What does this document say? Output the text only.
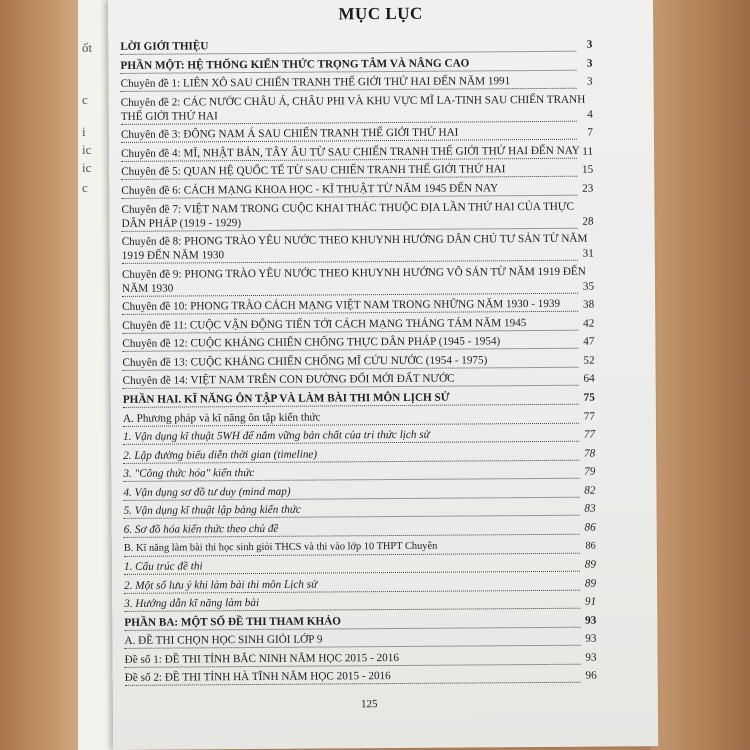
ốt
c
i
ic
ic
c
MỤC LỤC
LỜI GIỚI THIỆU	3
PHẦN MỘT: HỆ THỐNG KIẾN THỨC TRỌNG TÂM VÀ NÂNG CAO	3
Chuyên đề 1: LIÊN XÔ SAU CHIẾN TRANH THẾ GIỚI THỨ HAI ĐẾN NĂM 1991	3
Chuyên đề 2: CÁC NƯỚC CHÂU Á, CHÂU PHI VÀ KHU VỰC MĨ LA-TINH SAU CHIẾN TRANH THẾ GIỚI THỨ HAI	4
Chuyên đề 3: ĐÔNG NAM Á SAU CHIẾN TRANH THẾ GIỚI THỨ HAI	7
Chuyên đề 4: MĨ, NHẬT BẢN, TÂY ÂU TỪ SAU CHIẾN TRANH THẾ GIỚI THỨ HAI ĐẾN NAY 11
Chuyên đề 5: QUAN HỆ QUỐC TẾ TỪ SAU CHIẾN TRANH THẾ GIỚI THỨ HAI	15
Chuyên đề 6: CÁCH MẠNG KHOA HỌC - KĨ THUẬT TỪ NĂM 1945 ĐẾN NAY	23
Chuyên đề 7: VIỆT NAM TRONG CUỘC KHAI THÁC THUỘC ĐỊA LẦN THỨ HAI CỦA THỰC DÂN PHÁP (1919 - 1929)	28
Chuyên đề 8: PHONG TRÀO YÊU NƯỚC THEO KHUYNH HƯỚNG DÂN CHỦ TƯ SẢN TỪ NĂM 1919 ĐẾN NĂM 1930	31
Chuyên đề 9: PHONG TRÀO YÊU NƯỚC THEO KHUYNH HƯỚNG VÔ SẢN TỪ NĂM 1919 ĐẾN NĂM 1930	35
Chuyên đề 10: PHONG TRÀO CÁCH MẠNG VIỆT NAM TRONG NHỮNG NĂM 1930 - 1939 38
Chuyên đề 11: CUỘC VẬN ĐỘNG TIẾN TỚI CÁCH MẠNG THÁNG TÁM NĂM 1945	42
Chuyên đề 12: CUỘC KHÁNG CHIẾN CHỐNG THỰC DÂN PHÁP (1945 - 1954)	47
Chuyên đề 13: CUỘC KHÁNG CHIẾN CHỐNG MĨ CỨU NƯỚC (1954 - 1975)	52
Chuyên đề 14: VIỆT NAM TRÊN CON ĐƯỜNG ĐỔI MỚI ĐẤT NƯỚC	64
PHẦN HAI. KĨ NĂNG ÔN TẬP VÀ LÀM BÀI THI MÔN LỊCH SỬ	75
A. Phương pháp và kĩ năng ôn tập kiến thức	77
1. Vận dụng kĩ thuật 5WH để nắm vững bản chất của tri thức lịch sử	77
2. Lập đường biểu diễn thời gian (timeline)	78
3. "Công thức hóa" kiến thức	79
4. Vận dụng sơ đồ tư duy (mind map)	82
5. Vận dụng kĩ thuật lập bảng kiến thức	83
6. Sơ đồ hóa kiến thức theo chủ đề	86
B. Kĩ năng làm bài thi học sinh giỏi THCS và thi vào lớp 10 THPT Chuyên	86
1. Cấu trúc đề thi	89
2. Một số lưu ý khi làm bài thi môn Lịch sử	89
3. Hướng dẫn kĩ năng làm bài	91
PHẦN BA: MỘT SỐ ĐỀ THI THAM KHẢO	93
A. ĐỀ THI CHỌN HỌC SINH GIỎI LỚP 9	93
Đề số 1: ĐỀ THI TỈNH BẮC NINH NĂM HỌC 2015 - 2016	93
Đề số 2: ĐỀ THI TỈNH HÀ TĨNH NĂM HỌC 2015 - 2016	96
125
